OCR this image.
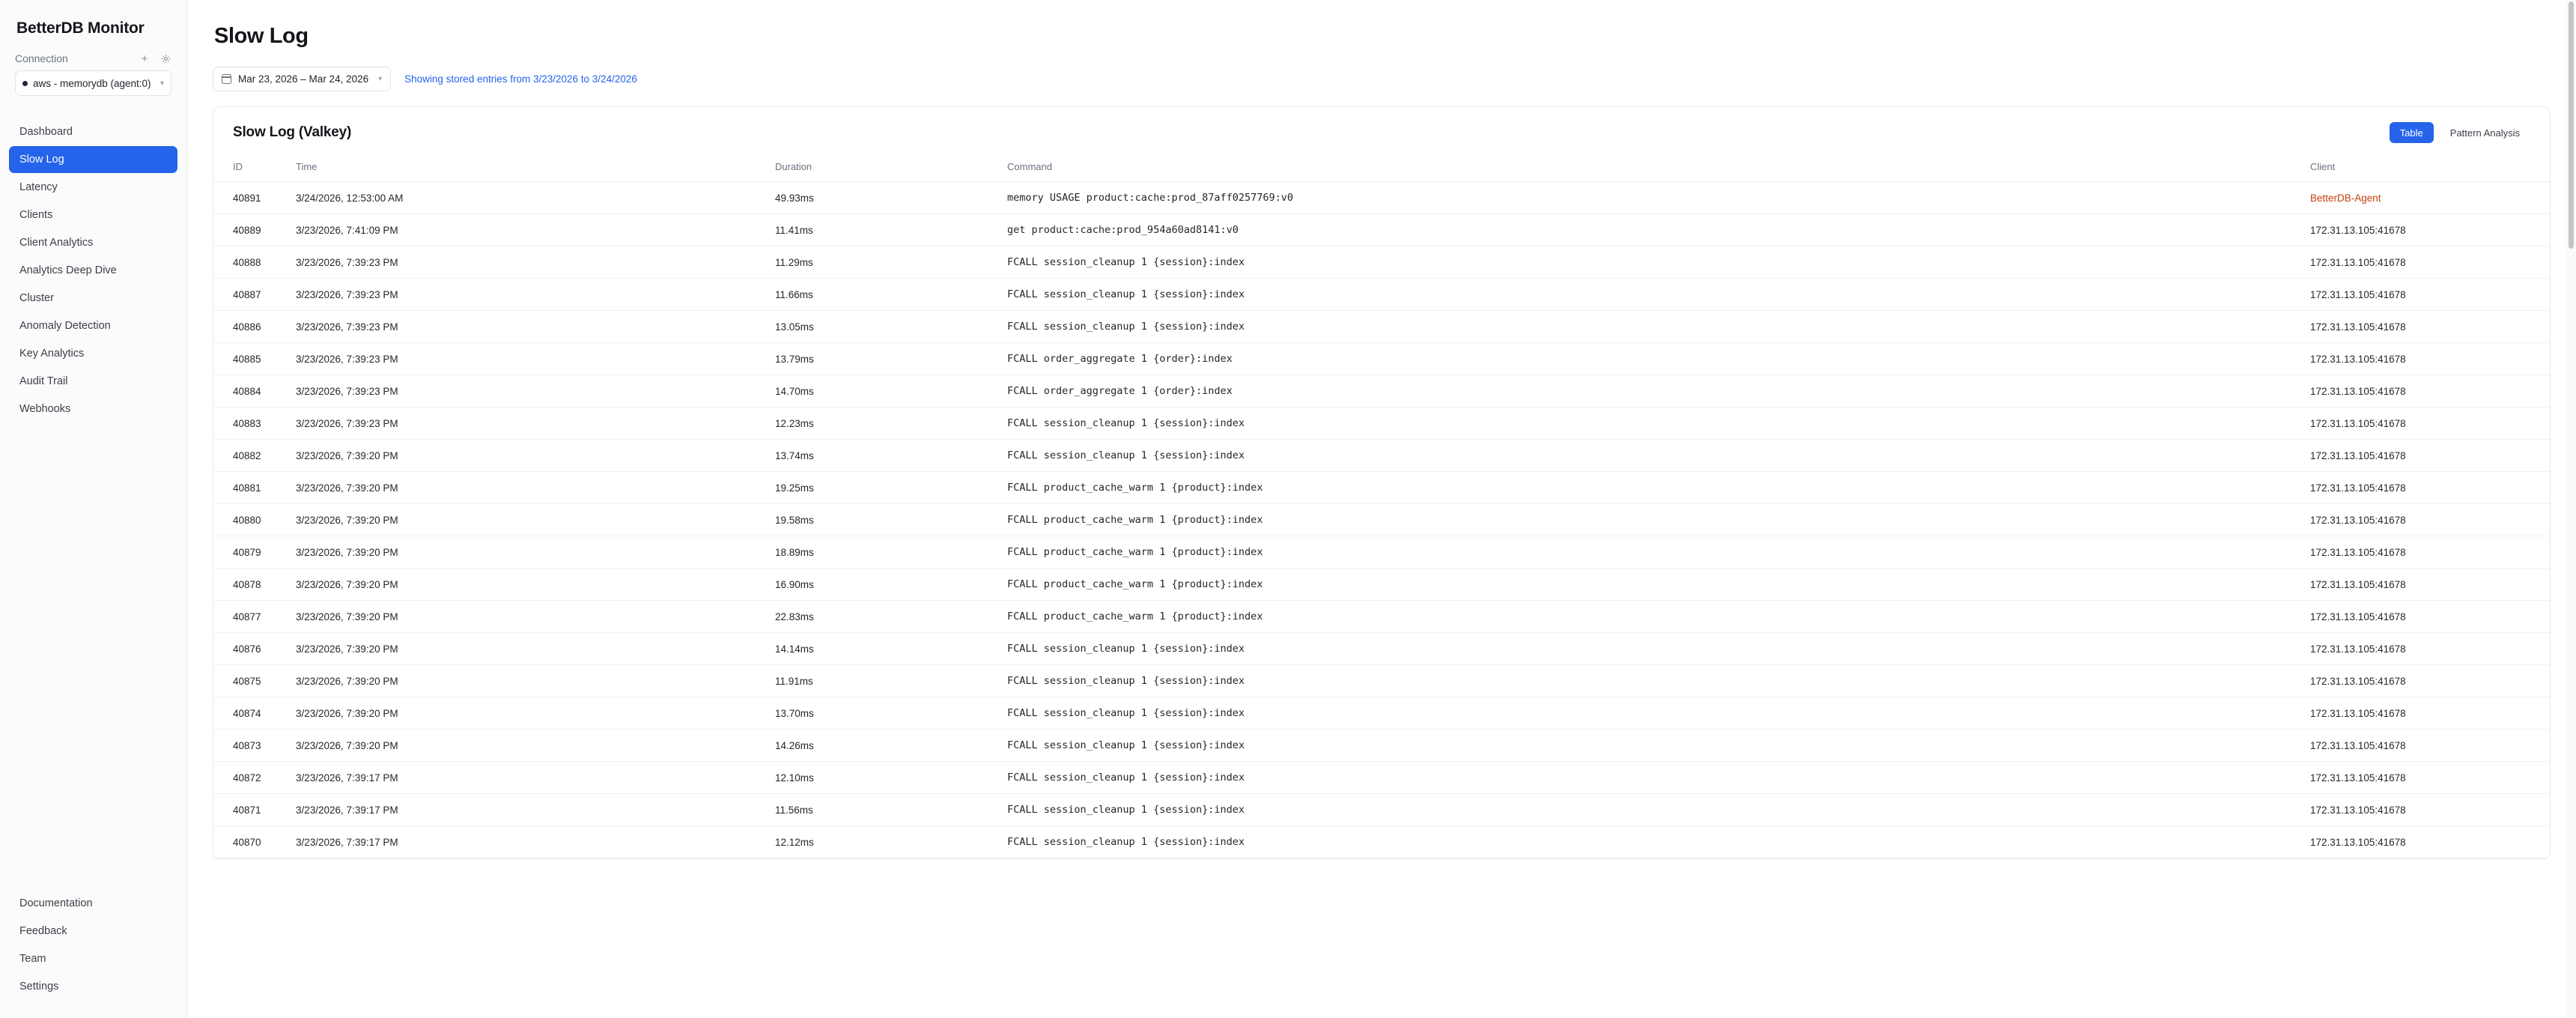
BetterDB Monitor
Connection	+
aws - memorydb (agent:0) ▾
Dashboard
Slow Log
Latency
Clients
Client Analytics
Analytics Deep Dive
Cluster
Anomaly Detection
Key Analytics
Audit Trail
Webhooks
Documentation
Feedback
Team
Settings
Slow Log
Mar 23, 2026 – Mar 24, 2026 ▾ Showing stored entries from 3/23/2026 to 3/24/2026
Slow Log (Valkey)	Table	Pattern Analysis
ID	Time	Duration	Command	Client
40891	3/24/2026, 12:53:00 AM	49.93ms	memory USAGE product:cache:prod_87aff0257769:v0	BetterDB-Agent
40889	3/23/2026, 7:41:09 PM	11.41ms	get product:cache:prod_954a60ad8141:v0	172.31.13.105:41678
40888	3/23/2026, 7:39:23 PM	11.29ms	FCALL session_cleanup 1 {session}:index	172.31.13.105:41678
40887	3/23/2026, 7:39:23 PM	11.66ms	FCALL session_cleanup 1 {session}:index	172.31.13.105:41678
40886	3/23/2026, 7:39:23 PM	13.05ms	FCALL session_cleanup 1 {session}:index	172.31.13.105:41678
40885	3/23/2026, 7:39:23 PM	13.79ms	FCALL order_aggregate 1 {order}:index	172.31.13.105:41678
40884	3/23/2026, 7:39:23 PM	14.70ms	FCALL order_aggregate 1 {order}:index	172.31.13.105:41678
40883	3/23/2026, 7:39:23 PM	12.23ms	FCALL session_cleanup 1 {session}:index	172.31.13.105:41678
40882	3/23/2026, 7:39:20 PM	13.74ms	FCALL session_cleanup 1 {session}:index	172.31.13.105:41678
40881	3/23/2026, 7:39:20 PM	19.25ms	FCALL product_cache_warm 1 {product}:index	172.31.13.105:41678
40880	3/23/2026, 7:39:20 PM	19.58ms	FCALL product_cache_warm 1 {product}:index	172.31.13.105:41678
40879	3/23/2026, 7:39:20 PM	18.89ms	FCALL product_cache_warm 1 {product}:index	172.31.13.105:41678
40878	3/23/2026, 7:39:20 PM	16.90ms	FCALL product_cache_warm 1 {product}:index	172.31.13.105:41678
40877	3/23/2026, 7:39:20 PM	22.83ms	FCALL product_cache_warm 1 {product}:index	172.31.13.105:41678
40876	3/23/2026, 7:39:20 PM	14.14ms	FCALL session_cleanup 1 {session}:index	172.31.13.105:41678
40875	3/23/2026, 7:39:20 PM	11.91ms	FCALL session_cleanup 1 {session}:index	172.31.13.105:41678
40874	3/23/2026, 7:39:20 PM	13.70ms	FCALL session_cleanup 1 {session}:index	172.31.13.105:41678
40873	3/23/2026, 7:39:20 PM	14.26ms	FCALL session_cleanup 1 {session}:index	172.31.13.105:41678
40872	3/23/2026, 7:39:17 PM	12.10ms	FCALL session_cleanup 1 {session}:index	172.31.13.105:41678
40871	3/23/2026, 7:39:17 PM	11.56ms	FCALL session_cleanup 1 {session}:index	172.31.13.105:41678
40870	3/23/2026, 7:39:17 PM	12.12ms	FCALL session_cleanup 1 {session}:index	172.31.13.105:41678
